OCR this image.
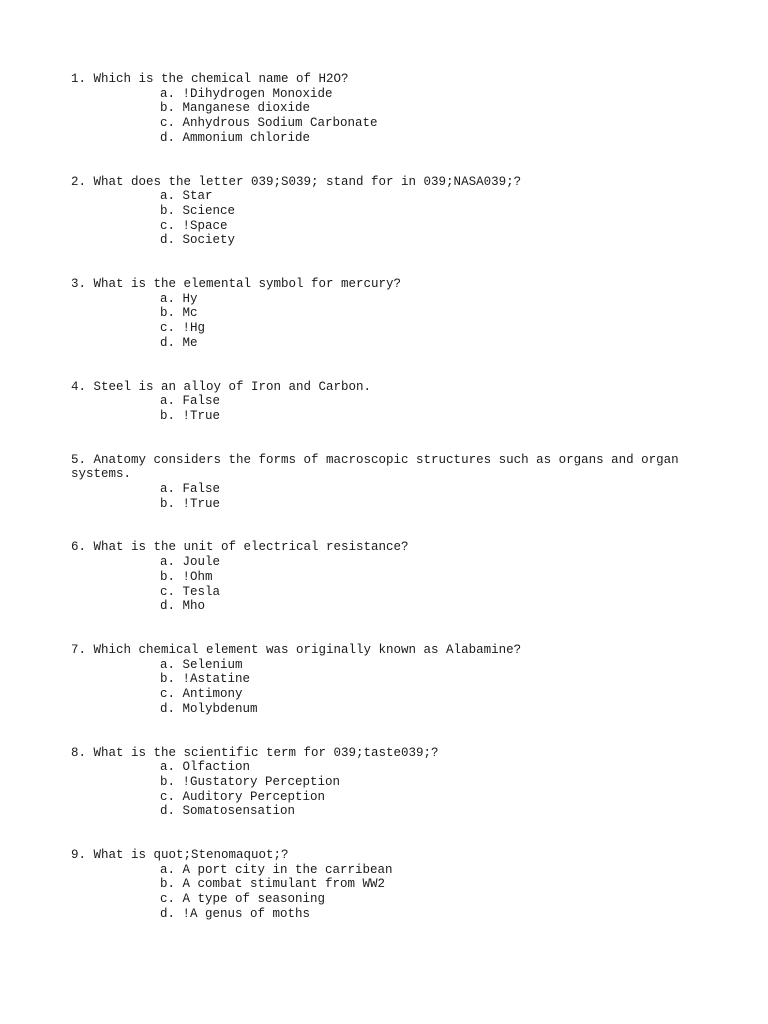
1. Which is the chemical name of H2O?
a. !Dihydrogen Monoxide
b. Manganese dioxide
c. Anhydrous Sodium Carbonate
d. Ammonium chloride
2. What does the letter 039;S039; stand for in 039;NASA039;?
a. Star
b. Science
c. !Space
d. Society
3. What is the elemental symbol for mercury?
a. Hy
b. Mc
c. !Hg
d. Me
4. Steel is an alloy of Iron and Carbon.
a. False
b. !True
5. Anatomy considers the forms of macroscopic structures such as organs and organ systems.
a. False
b. !True
6. What is the unit of electrical resistance?
a. Joule
b. !Ohm
c. Tesla
d. Mho
7. Which chemical element was originally known as Alabamine?
a. Selenium
b. !Astatine
c. Antimony
d. Molybdenum
8. What is the scientific term for 039;taste039;?
a. Olfaction
b. !Gustatory Perception
c. Auditory Perception
d. Somatosensation
9. What is quot;Stenomaquot;?
a. A port city in the carribean
b. A combat stimulant from WW2
c. A type of seasoning
d. !A genus of moths
